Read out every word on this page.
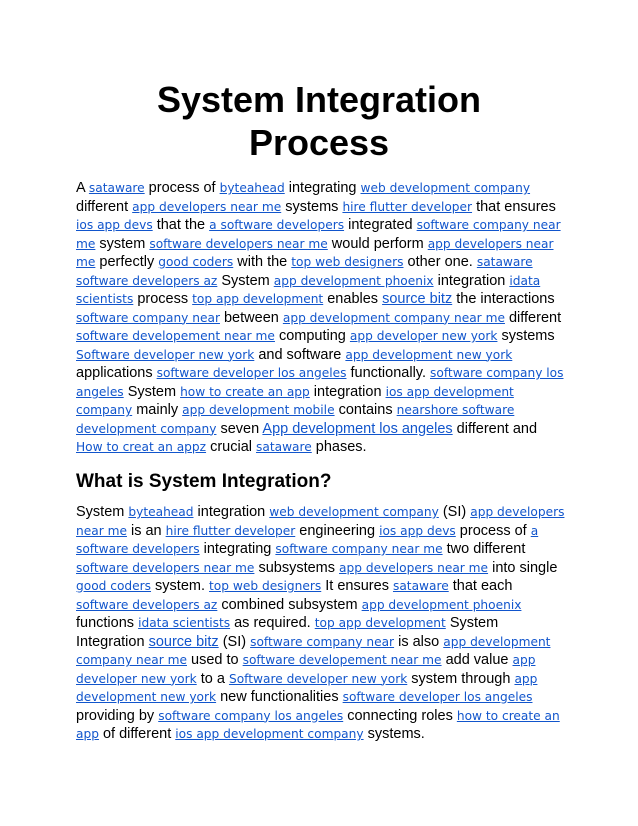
System Integration
Process

A sataware process of byteahead integrating web development company different app developers near me systems hire flutter developer that ensures ios app devs that the a software developers integrated software company near me system software developers near me would perform app developers near me perfectly good coders with the top web designers other one. sataware software developers az System app development phoenix integration idata scientists process top app development enables source bitz the interactions software company near between app development company near me different software developement near me computing app developer new york systems Software developer new york and software app development new york applications software developer los angeles functionally. software company los angeles System how to create an app integration ios app development company mainly app development mobile contains nearshore software development company seven App development los angeles different and How to creat an appz crucial sataware phases.

What is System Integration?

System byteahead integration web development company (SI) app developers near me is an hire flutter developer engineering ios app devs process of a software developers integrating software company near me two different software developers near me subsystems app developers near me into single good coders system. top web designers It ensures sataware that each software developers az combined subsystem app development phoenix functions idata scientists as required. top app development System Integration source bitz (SI) software company near is also app development company near me used to software developement near me add value app developer new york to a Software developer new york system through app development new york new functionalities software developer los angeles providing by software company los angeles connecting roles how to create an app of different ios app development company systems.
